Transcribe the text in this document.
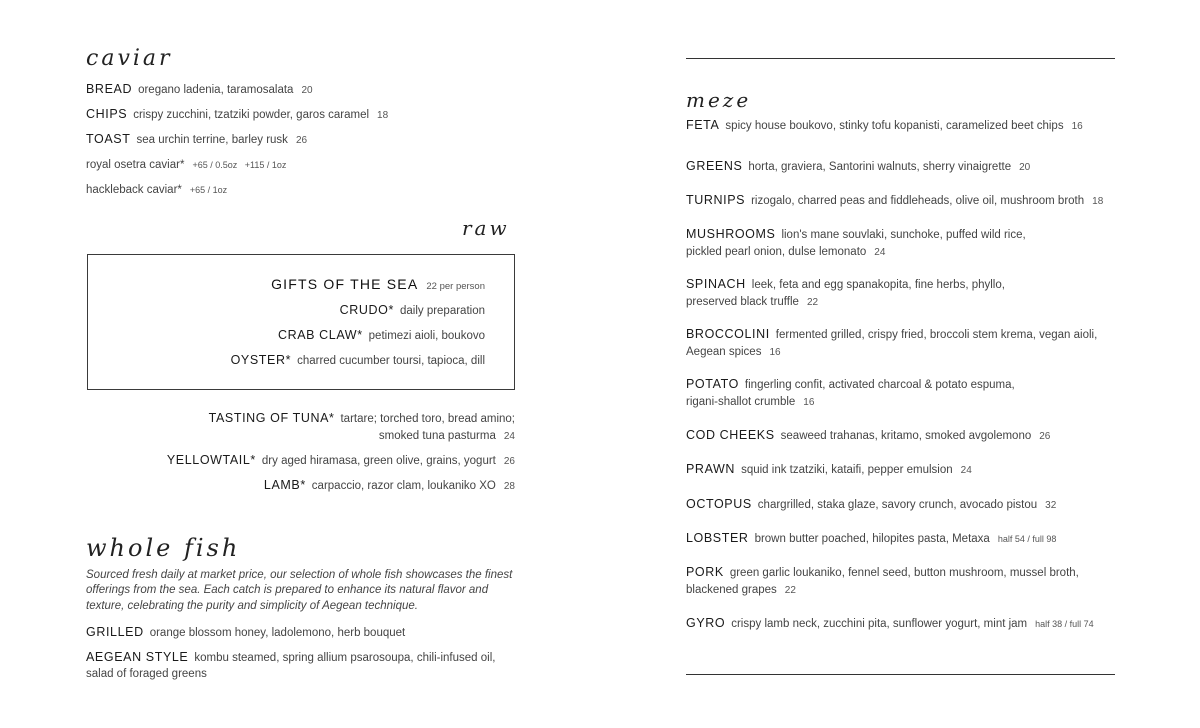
caviar
BREAD oregano ladenia, taramosalata 20
CHIPS crispy zucchini, tzatziki powder, garos caramel 18
TOAST sea urchin terrine, barley rusk 26
royal osetra caviar* +65 / 0.5oz   +115 / 1oz
hackleback caviar* +65 / 1oz
raw
GIFTS OF THE SEA 22 per person
CRUDO* daily preparation
CRAB CLAW* petimezi aioli, boukovo
OYSTER* charred cucumber toursi, tapioca, dill
TASTING OF TUNA* tartare; torched toro, bread amino;
smoked tuna pasturma 24
YELLOWTAIL* dry aged hiramasa, green olive, grains, yogurt 26
LAMB* carpaccio, razor clam, loukaniko XO 28
whole fish
Sourced fresh daily at market price, our selection of whole fish showcases the finest offerings from the sea. Each catch is prepared to enhance its natural flavor and texture, celebrating the purity and simplicity of Aegean technique.
GRILLED orange blossom honey, ladolemono, herb bouquet
AEGEAN STYLE kombu steamed, spring allium psarosoupa, chili-infused oil,
salad of foraged greens
meze
FETA spicy house boukovo, stinky tofu kopanisti, caramelized beet chips 16
GREENS horta, graviera, Santorini walnuts, sherry vinaigrette 20
TURNIPS rizogalo, charred peas and fiddleheads, olive oil, mushroom broth 18
MUSHROOMS lion's mane souvlaki, sunchoke, puffed wild rice,
pickled pearl onion, dulse lemonato 24
SPINACH leek, feta and egg spanakopita, fine herbs, phyllo,
preserved black truffle 22
BROCCOLINI fermented grilled, crispy fried, broccoli stem krema, vegan aioli,
Aegean spices 16
POTATO fingerling confit, activated charcoal & potato espuma,
rigani-shallot crumble 16
COD CHEEKS seaweed trahanas, kritamo, smoked avgolemono 26
PRAWN squid ink tzatziki, kataifi, pepper emulsion 24
OCTOPUS chargrilled, staka glaze, savory crunch, avocado pistou 32
LOBSTER brown butter poached, hilopites pasta, Metaxa half 54 / full 98
PORK green garlic loukaniko, fennel seed, button mushroom, mussel broth,
blackened grapes 22
GYRO crispy lamb neck, zucchini pita, sunflower yogurt, mint jam half 38 / full 74
